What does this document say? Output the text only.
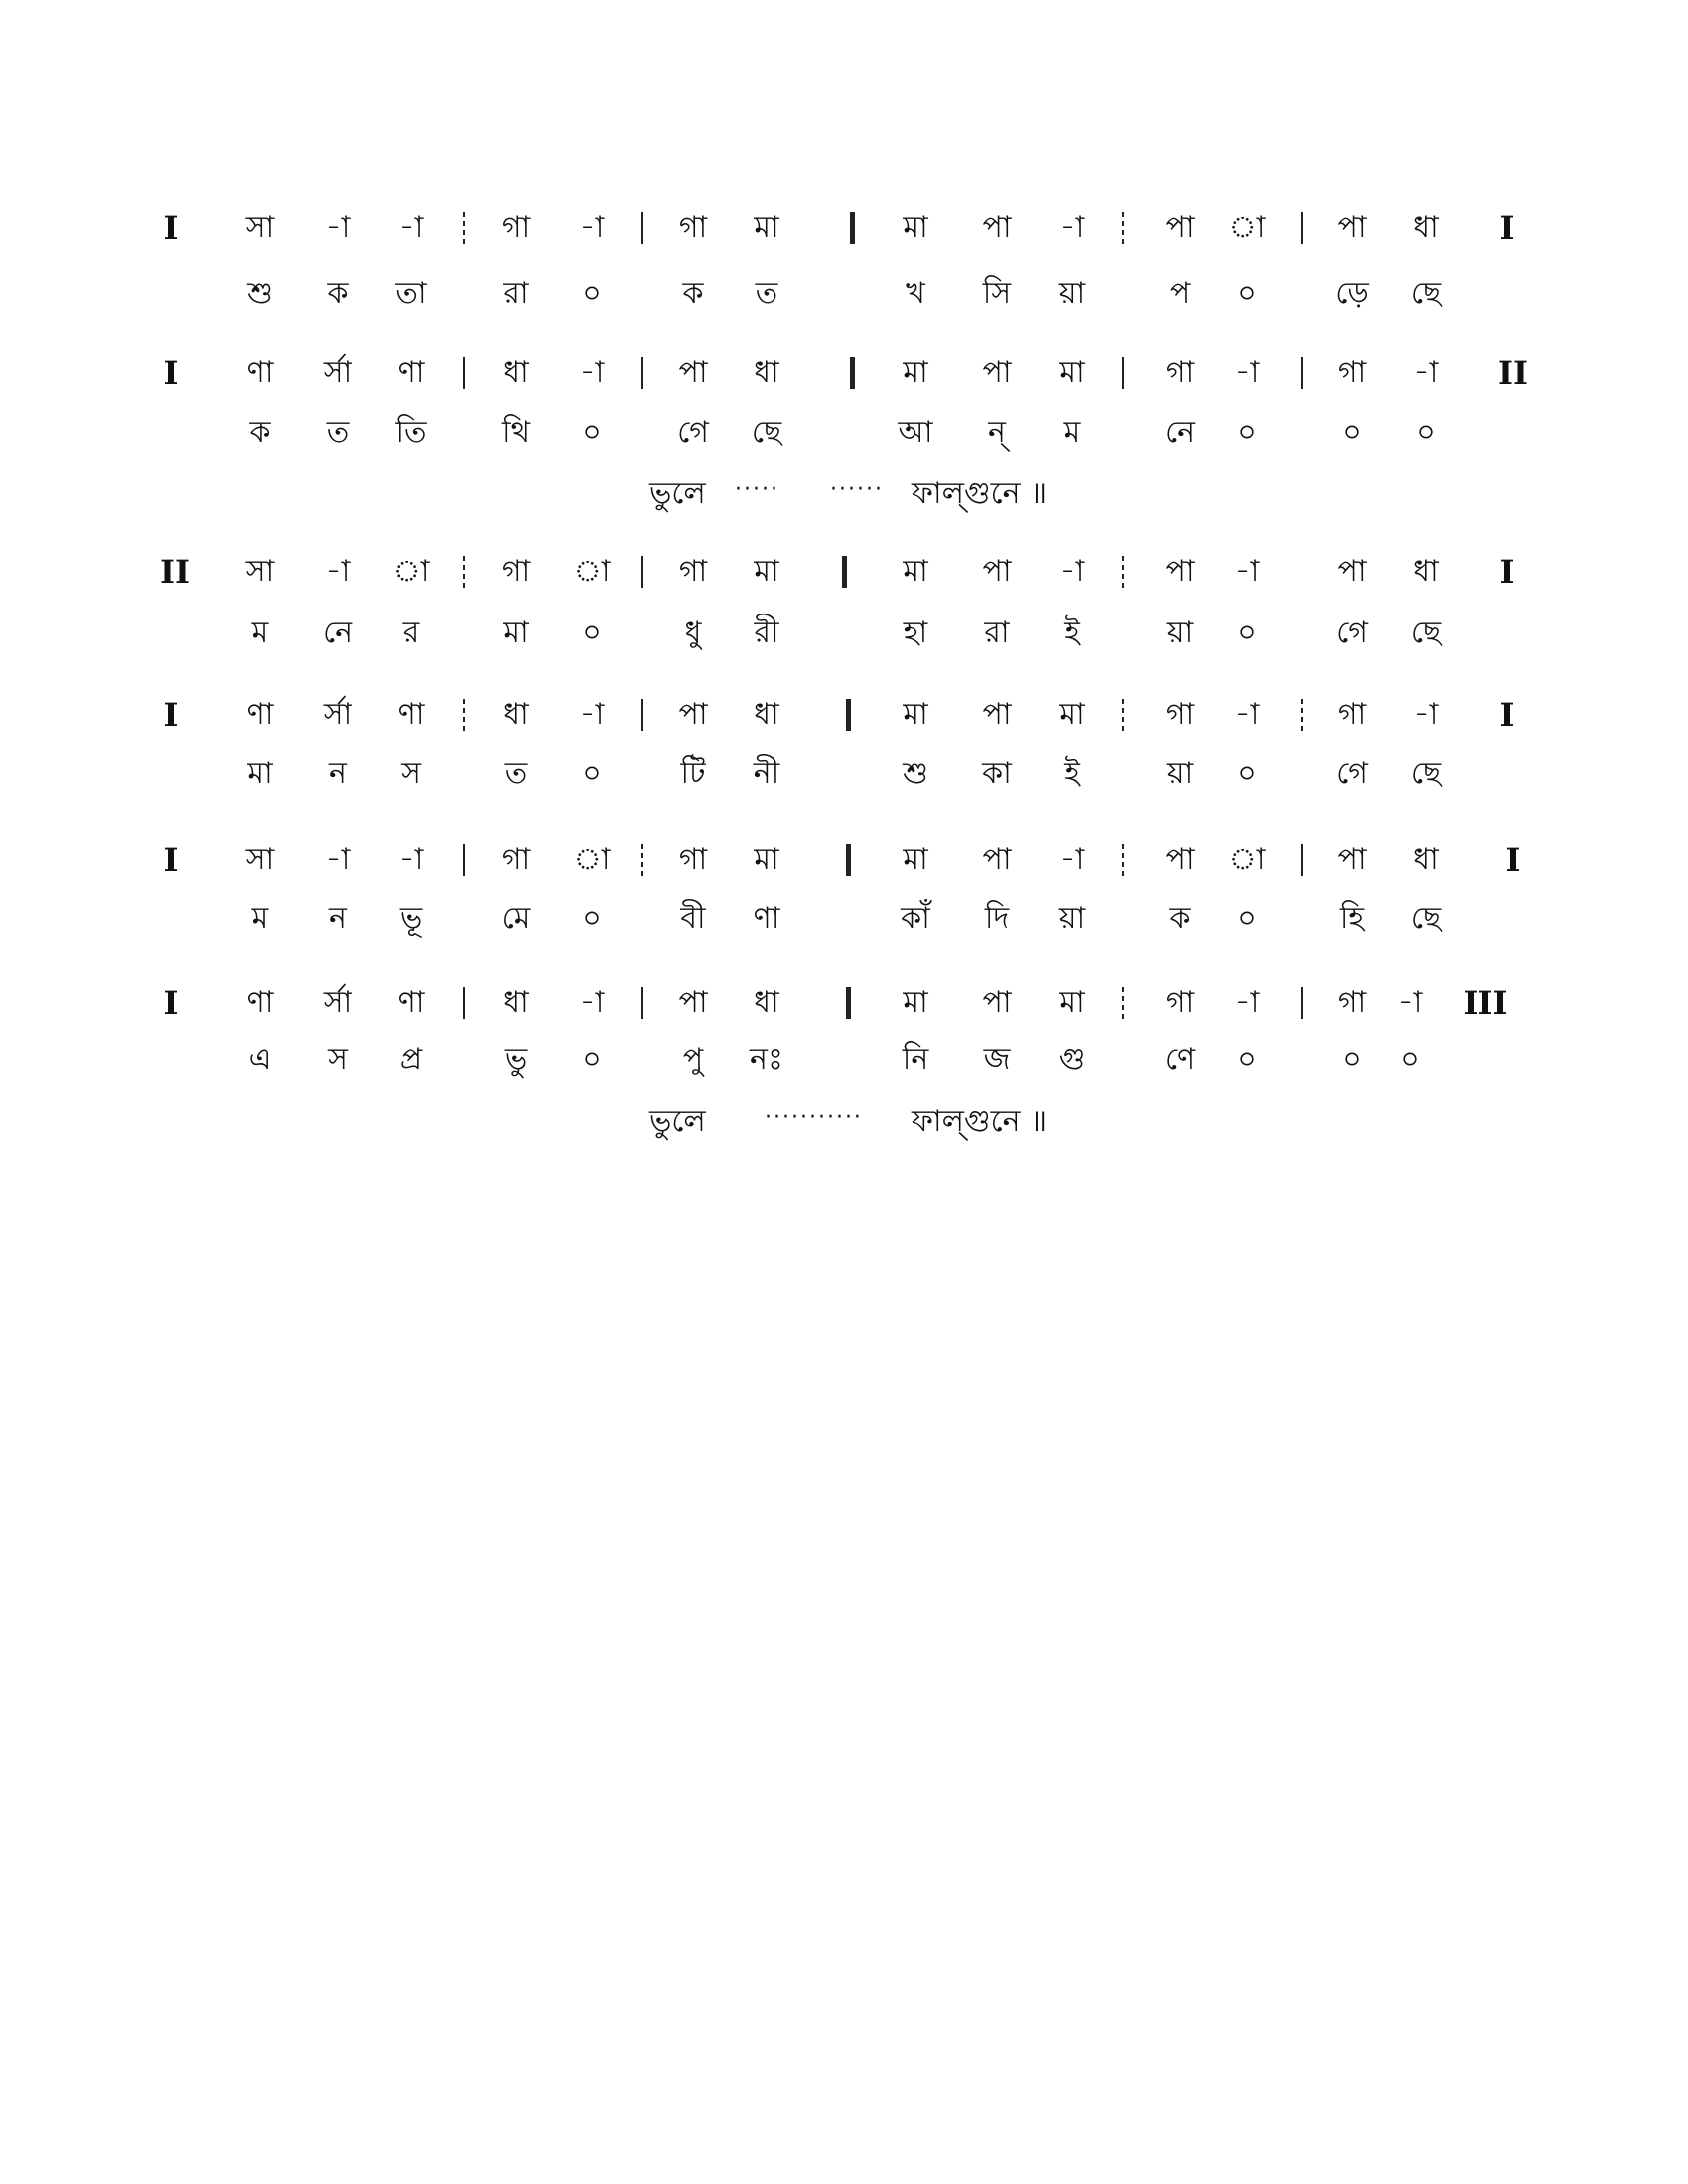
I সা -া -া	গা -া	গা মা	মা পা -া	পা া পা ধা I
শু ক তা	রা ০	ক ত	খ সি য়া	প ০	ড়ে ছে
I ণা র্সা ণা	ধা -া	পা ধা	মা পা মা	গা -া	গা -া II
ক ত তি	থি ০	গে ছে	আ ন্ ম	নে ০	০ ০
ভুলে ····· ······ ফাল্গুনে ॥
II সা -া া গা া গা মা	মা পা -া	পা -া	পা ধা I
ম নে র	মা ০	ধু রী	হা রা ই	য়া ০	গে ছে
I ণা র্সা ণা	ধা -া	পা ধা	মা পা মা	গা -া	গা -া I
মা ন স	ত ০	টি নী	শু কা ই	য়া ০	গে ছে
I সা -া -া	গা া গা মা	মা পা -া	পা া পা ধা I
ম ন ভূ	মে ০	বী ণা	কাঁ দি য়া	ক ০	হি ছে
I ণা র্সা ণা	ধা -া	পা ধা	মা পা মা	গা -া	গা -া III
এ স প্র	ভু ০	পু নঃ	নি জ গু	ণে ০	০ ০
ভুলে	··········· ফাল্গুনে ॥
